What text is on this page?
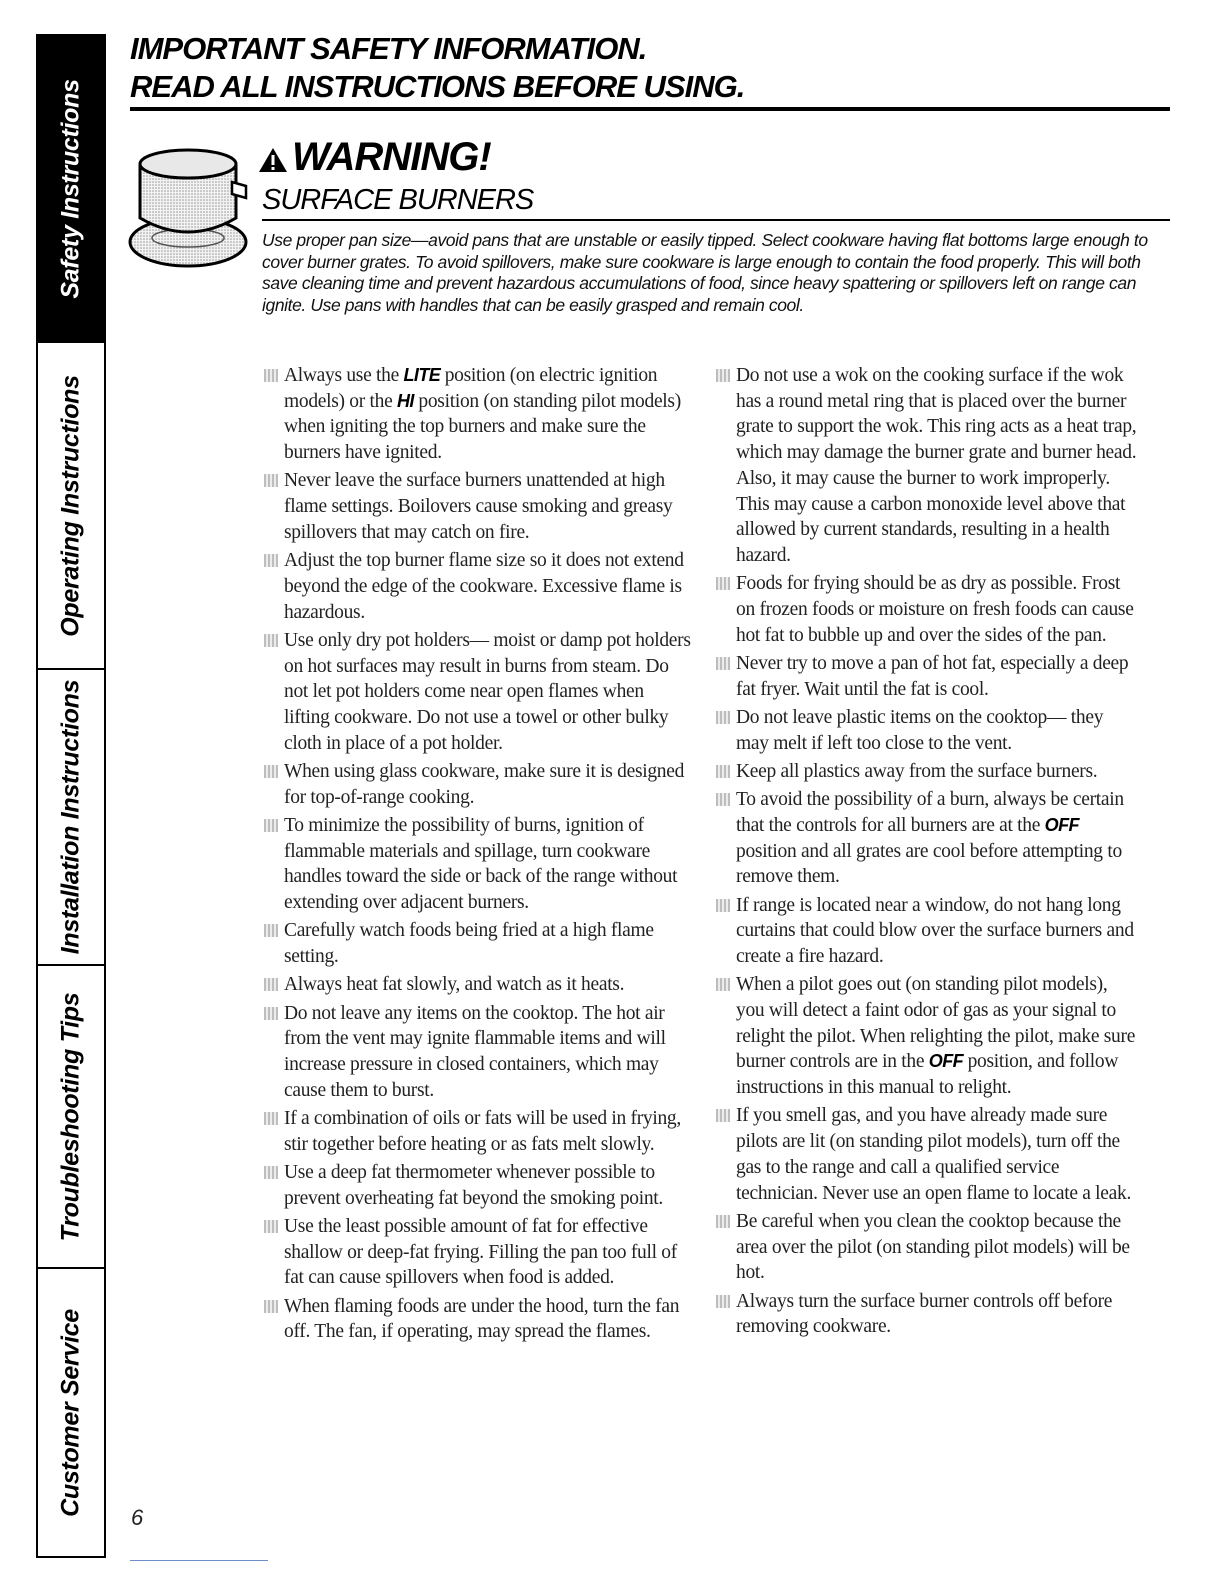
Safety Instructions
Operating Instructions
Installation Instructions
Troubleshooting Tips
Customer Service
IMPORTANT SAFETY INFORMATION.
READ ALL INSTRUCTIONS BEFORE USING.
WARNING!
SURFACE BURNERS
Use proper pan size—avoid pans that are unstable or easily tipped. Select cookware having flat bottoms large enough to cover burner grates. To avoid spillovers, make sure cookware is large enough to contain the food properly. This will both save cleaning time and prevent hazardous accumulations of food, since heavy spattering or spillovers left on range can ignite. Use pans with handles that can be easily grasped and remain cool.
Always use the LITE position (on electric ignition models) or the HI position (on standing pilot models) when igniting the top burners and make sure the burners have ignited.
Never leave the surface burners unattended at high flame settings. Boilovers cause smoking and greasy spillovers that may catch on fire.
Adjust the top burner flame size so it does not extend beyond the edge of the cookware. Excessive flame is hazardous.
Use only dry pot holders— moist or damp pot holders on hot surfaces may result in burns from steam. Do not let pot holders come near open flames when lifting cookware. Do not use a towel or other bulky cloth in place of a pot holder.
When using glass cookware, make sure it is designed for top-of-range cooking.
To minimize the possibility of burns, ignition of flammable materials and spillage, turn cookware handles toward the side or back of the range without extending over adjacent burners.
Carefully watch foods being fried at a high flame setting.
Always heat fat slowly, and watch as it heats.
Do not leave any items on the cooktop. The hot air from the vent may ignite flammable items and will increase pressure in closed containers, which may cause them to burst.
If a combination of oils or fats will be used in frying, stir together before heating or as fats melt slowly.
Use a deep fat thermometer whenever possible to prevent overheating fat beyond the smoking point.
Use the least possible amount of fat for effective shallow or deep-fat frying. Filling the pan too full of fat can cause spillovers when food is added.
When flaming foods are under the hood, turn the fan off. The fan, if operating, may spread the flames.
Do not use a wok on the cooking surface if the wok has a round metal ring that is placed over the burner grate to support the wok. This ring acts as a heat trap, which may damage the burner grate and burner head. Also, it may cause the burner to work improperly. This may cause a carbon monoxide level above that allowed by current standards, resulting in a health hazard.
Foods for frying should be as dry as possible. Frost on frozen foods or moisture on fresh foods can cause hot fat to bubble up and over the sides of the pan.
Never try to move a pan of hot fat, especially a deep fat fryer. Wait until the fat is cool.
Do not leave plastic items on the cooktop— they may melt if left too close to the vent.
Keep all plastics away from the surface burners.
To avoid the possibility of a burn, always be certain that the controls for all burners are at the OFF position and all grates are cool before attempting to remove them.
If range is located near a window, do not hang long curtains that could blow over the surface burners and create a fire hazard.
When a pilot goes out (on standing pilot models), you will detect a faint odor of gas as your signal to relight the pilot. When relighting the pilot, make sure burner controls are in the OFF position, and follow instructions in this manual to relight.
If you smell gas, and you have already made sure pilots are lit (on standing pilot models), turn off the gas to the range and call a qualified service technician. Never use an open flame to locate a leak.
Be careful when you clean the cooktop because the area over the pilot (on standing pilot models) will be hot.
Always turn the surface burner controls off before removing cookware.
6
